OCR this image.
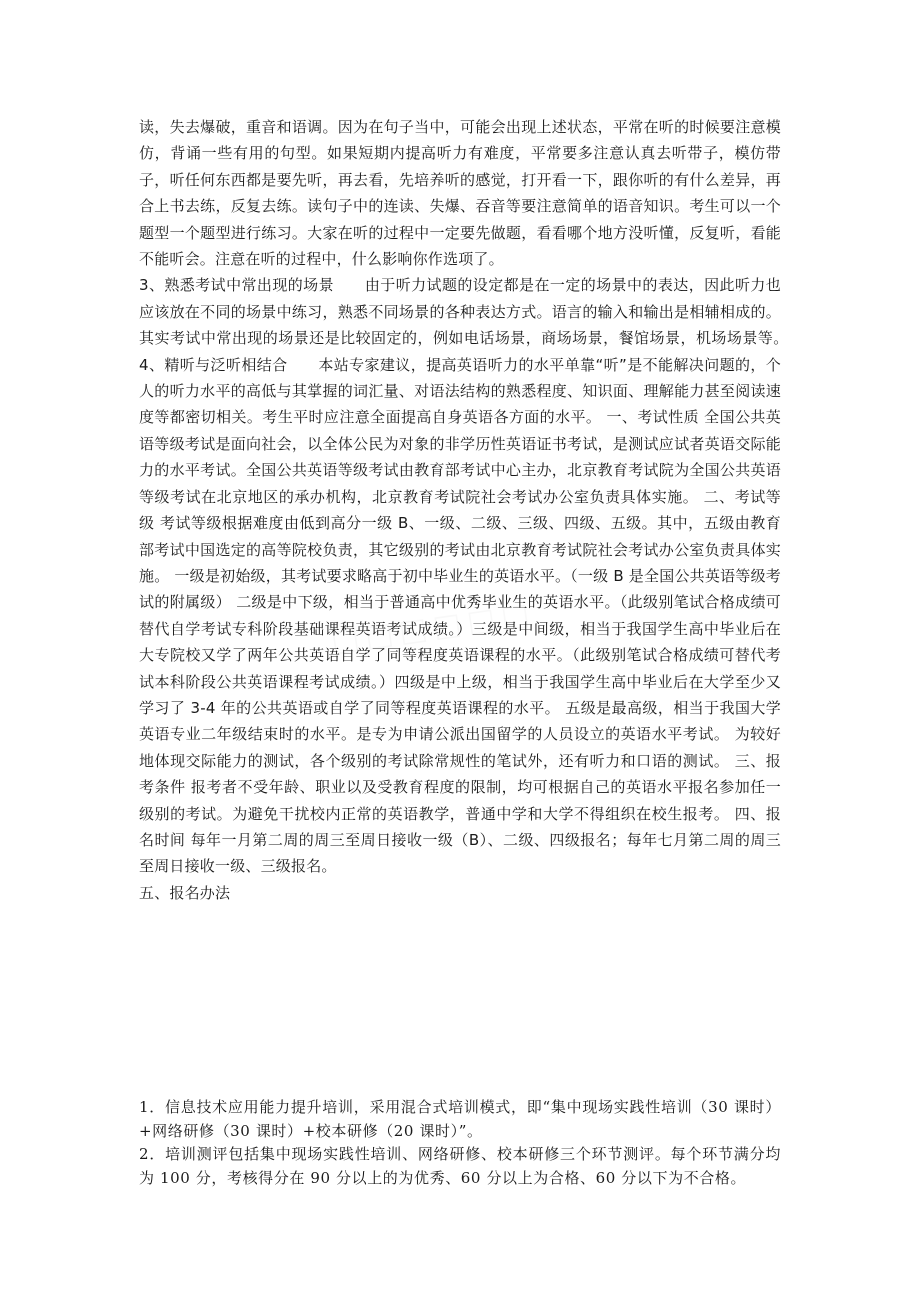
读，失去爆破，重音和语调。因为在句子当中，可能会出现上述状态，平常在听的时候要注意模仿，背诵一些有用的句型。如果短期内提高听力有难度，平常要多注意认真去听带子，模仿带子，听任何东西都是要先听，再去看，先培养听的感觉，打开看一下，跟你听的有什么差异，再合上书去练，反复去练。读句子中的连读、失爆、吞音等要注意简单的语音知识。考生可以一个题型一个题型进行练习。大家在听的过程中一定要先做题，看看哪个地方没听懂，反复听，看能不能听会。注意在听的过程中，什么影响你作选项了。
3、熟悉考试中常出现的场景　　由于听力试题的设定都是在一定的场景中的表达，因此听力也应该放在不同的场景中练习，熟悉不同场景的各种表达方式。语言的输入和输出是相辅相成的。其实考试中常出现的场景还是比较固定的，例如电话场景，商场场景，餐馆场景，机场场景等。　　4、精听与泛听相结合　　本站专家建议，提高英语听力的水平单靠“听”是不能解决问题的，个人的听力水平的高低与其掌握的词汇量、对语法结构的熟悉程度、知识面、理解能力甚至阅读速度等都密切相关。考生平时应注意全面提高自身英语各方面的水平。 一、考试性质 全国公共英语等级考试是面向社会，以全体公民为对象的非学历性英语证书考试，是测试应试者英语交际能力的水平考试。全国公共英语等级考试由教育部考试中心主办，北京教育考试院为全国公共英语等级考试在北京地区的承办机构，北京教育考试院社会考试办公室负责具体实施。 二、考试等级 考试等级根据难度由低到高分一级 B、一级、二级、三级、四级、五级。其中，五级由教育部考试中国选定的高等院校负责，其它级别的考试由北京教育考试院社会考试办公室负责具体实施。 一级是初始级，其考试要求略高于初中毕业生的英语水平。（一级 B 是全国公共英语等级考试的附属级） 二级是中下级，相当于普通高中优秀毕业生的英语水平。（此级别笔试合格成绩可替代自学考试专科阶段基础课程英语考试成绩。）三级是中间级，相当于我国学生高中毕业后在大专院校又学了两年公共英语自学了同等程度英语课程的水平。（此级别笔试合格成绩可替代考试本科阶段公共英语课程考试成绩。）四级是中上级，相当于我国学生高中毕业后在大学至少又学习了 3-4 年的公共英语或自学了同等程度英语课程的水平。 五级是最高级，相当于我国大学英语专业二年级结束时的水平。是专为申请公派出国留学的人员设立的英语水平考试。 为较好地体现交际能力的测试，各个级别的考试除常规性的笔试外，还有听力和口语的测试。 三、报考条件 报考者不受年龄、职业以及受教育程度的限制，均可根据自己的英语水平报名参加任一级别的考试。为避免干扰校内正常的英语教学，普通中学和大学不得组织在校生报考。 四、报名时间 每年一月第二周的周三至周日接收一级（B）、二级、四级报名；每年七月第二周的周三至周日接收一级、三级报名。
五、报名办法

1．信息技术应用能力提升培训，采用混合式培训模式，即“集中现场实践性培训（30 课时）+网络研修（30 课时）+校本研修（20 课时）”。

2．培训测评包括集中现场实践性培训、网络研修、校本研修三个环节测评。每个环节满分均为 100 分，考核得分在 90 分以上的为优秀、60 分以上为合格、60 分以下为不合格。
